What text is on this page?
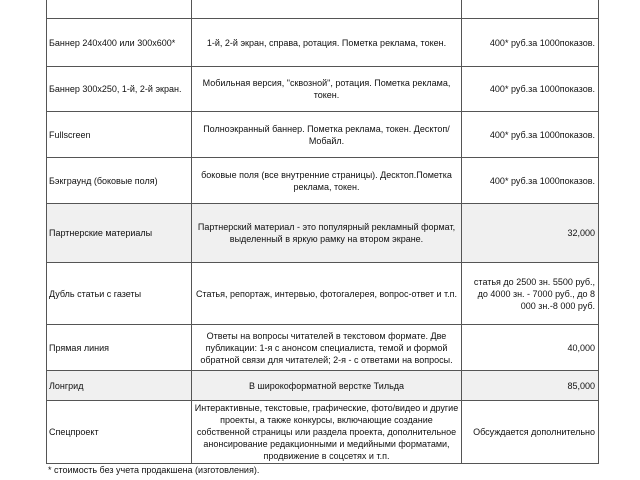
Баннер 240х400 или 300х600*	1-й, 2-й экран, справа, ротация. Пометка реклама, токен.	400* руб.за 1000показов.
Баннер 300х250, 1-й, 2-й экран.	Мобильная версия, "сквозной", ротация. Пометка реклама, токен.	400* руб.за 1000показов.
Fullscreen	Полноэкранный баннер. Пометка реклама, токен. Десктоп/Мобайл.	400* руб.за 1000показов.
Бэкграунд (боковые поля)	боковые поля (все внутренние страницы). Десктоп.Пометка реклама, токен.	400* руб.за 1000показов.
Партнерские материалы	Партнерский материал - это популярный рекламный формат, выделенный в яркую рамку на втором экране.	32,000
Дубль статьи с газеты	Статья, репортаж, интервью, фотогалерея, вопрос-ответ и т.п.	статья до 2500 зн. 5500 руб., до 4000 зн. - 7000 руб., до 8 000 зн.-8 000 руб.
Прямая линия	Ответы на вопросы читателей в текстовом формате. Две публикации: 1-я с анонсом специалиста, темой и формой обратной связи для читателей; 2-я - с ответами на вопросы.	40,000
Лонгрид	В широкоформатной верстке Тильда	85,000
Спецпроект	Интерактивные, текстовые, графические, фото/видео и другие проекты, а также конкурсы, включающие создание собственной страницы или раздела проекта, дополнительное анонсирование редакционными и медийными форматами, продвижение в соцсетях и т.п.	Обсуждается дополнительно
* стоимость без учета продакшена (изготовления).
